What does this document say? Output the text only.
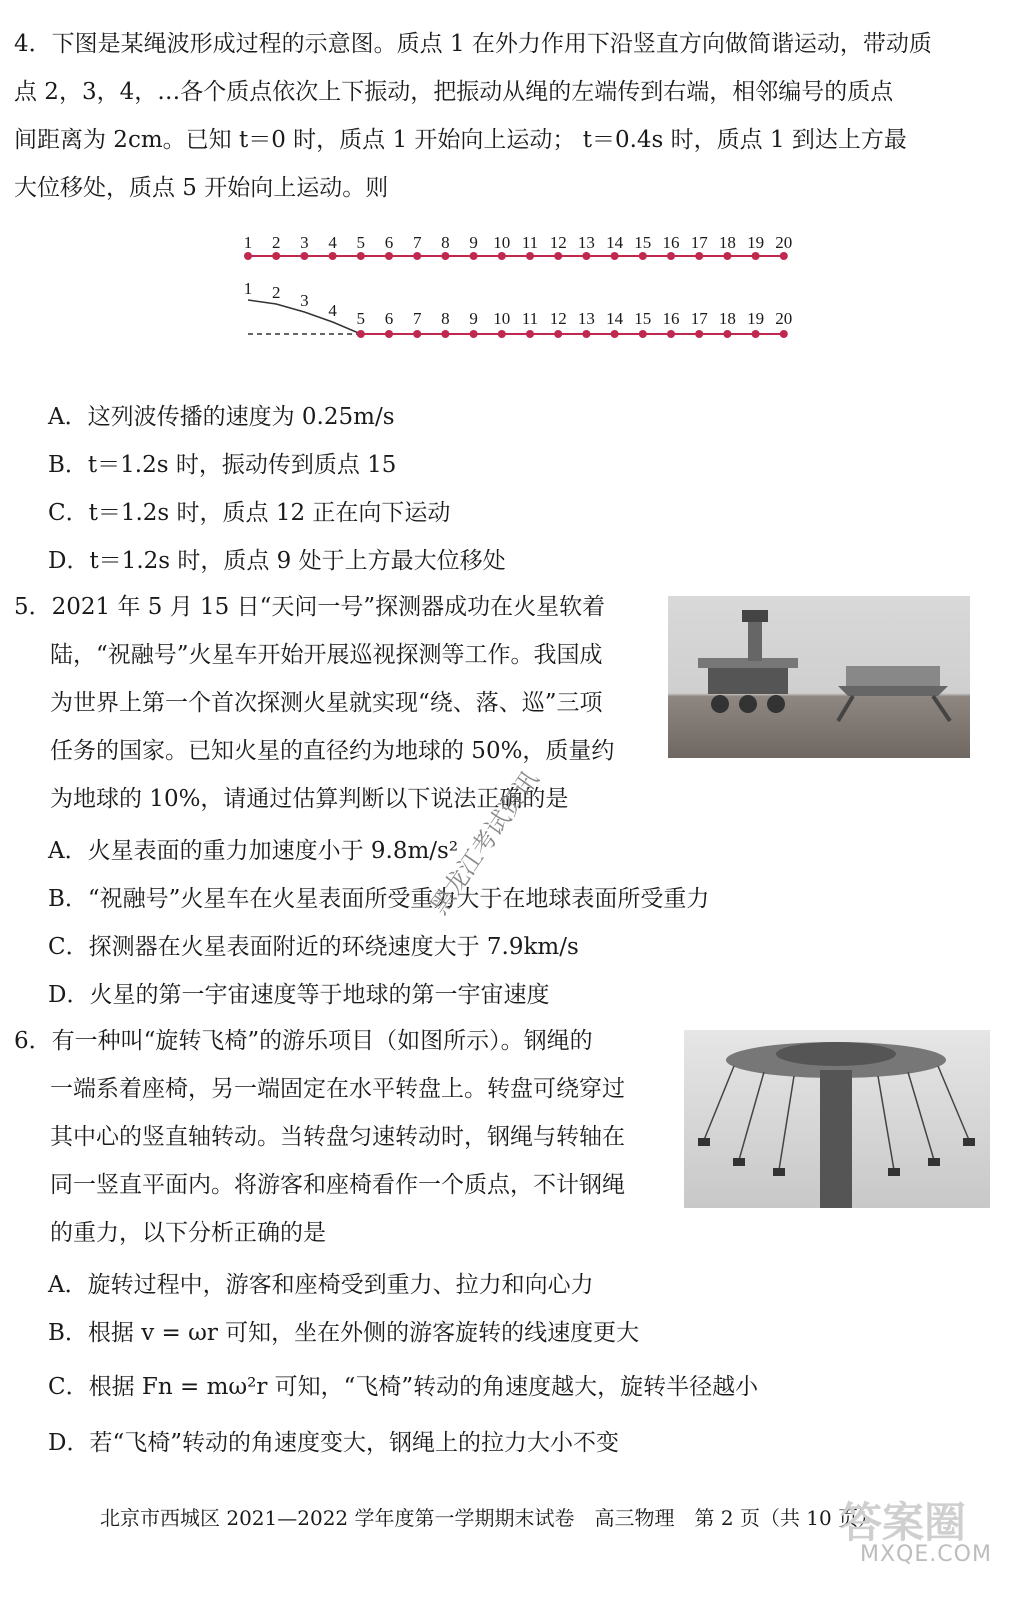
4．下图是某绳波形成过程的示意图。质点 1 在外力作用下沿竖直方向做简谐运动，带动质
点 2，3，4，…各个质点依次上下振动，把振动从绳的左端传到右端，相邻编号的质点
间距离为 2cm。已知 t＝0 时，质点 1 开始向上运动； t＝0.4s 时，质点 1 到达上方最
大位移处，质点 5 开始向上运动。则
1 2 3 4 5 6 7 8 9 10 11 12 13 14 15 16 17 18 19 20
1 2 3
4 5 6 7 8 9 10 11 12 13 14 15 16 17 18 19 20
A．这列波传播的速度为 0.25m/s
B．t＝1.2s 时，振动传到质点 15
C．t＝1.2s 时，质点 12 正在向下运动
D．t＝1.2s 时，质点 9 处于上方最大位移处
5．2021 年 5 月 15 日“天问一号”探测器成功在火星软着
陆，“祝融号”火星车开始开展巡视探测等工作。我国成
为世界上第一个首次探测火星就实现“绕、落、巡”三项
任务的国家。已知火星的直径约为地球的 50%，质量约
为地球的 10%，请通过估算判断以下说法正确的是
A．火星表面的重力加速度小于 9.8m/s²
B．“祝融号”火星车在火星表面所受重力大于在地球表面所受重力
C．探测器在火星表面附近的环绕速度大于 7.9km/s
D．火星的第一宇宙速度等于地球的第一宇宙速度
黑龙江考试资讯
6．有一种叫“旋转飞椅”的游乐项目（如图所示）。钢绳的
一端系着座椅，另一端固定在水平转盘上。转盘可绕穿过
其中心的竖直轴转动。当转盘匀速转动时，钢绳与转轴在
同一竖直平面内。将游客和座椅看作一个质点，不计钢绳
的重力，以下分析正确的是
A．旋转过程中，游客和座椅受到重力、拉力和向心力
B．根据 v = ωr 可知，坐在外侧的游客旋转的线速度更大
C．根据 Fn = mω²r 可知，“飞椅”转动的角速度越大，旋转半径越小
D．若“飞椅”转动的角速度变大，钢绳上的拉力大小不变
北京市西城区 2021—2022 学年度第一学期期末试卷　高三物理　第 2 页（共 10 页）
答案圈
MXQE.COM
